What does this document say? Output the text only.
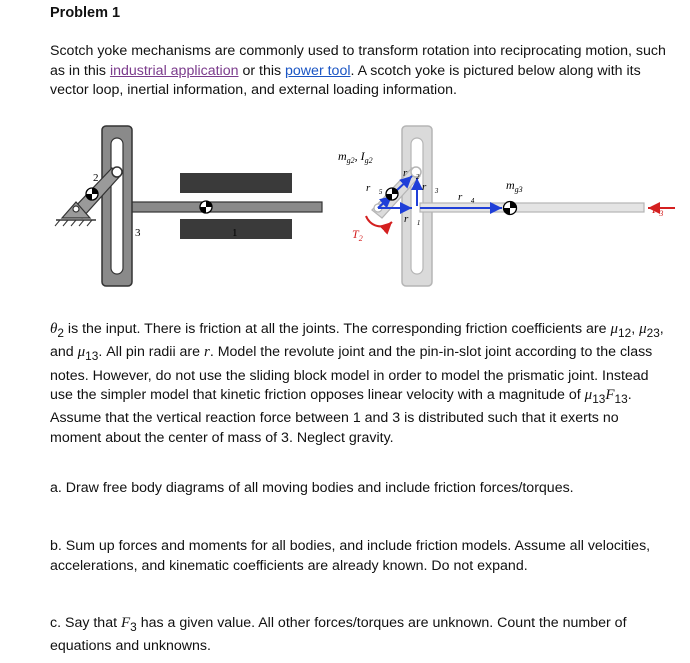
Problem 1
Scotch yoke mechanisms are commonly used to transform rotation into reciprocating motion, such as in this industrial application or this power tool. A scotch yoke is pictured below along with its vector loop, inertial information, and external loading information.
2
3	1
$m_{g2}$, $I_{g2}$
$m_{g3}$
$T_2$
$F_3$
$r⃗_1$
$r⃗_2$
$r⃗_3$ $r⃗_4$
$r⃗_5$
$\theta_2$ is the input. There is friction at all the joints. The corresponding friction coefficients are $\mu_{12}$, $\mu_{23}$, and $\mu_{13}$. All pin radii are r. Model the revolute joint and the pin-in-slot joint according to the class notes. However, do not use the sliding block model in order to model the prismatic joint. Instead use the simpler model that kinetic friction opposes linear velocity with a magnitude of $\mu_{13}F_{13}$. Assume that the vertical reaction force between 1 and 3 is distributed such that it exerts no moment about the center of mass of 3. Neglect gravity.
a. Draw free body diagrams of all moving bodies and include friction forces/torques.
b. Sum up forces and moments for all bodies, and include friction models. Assume all velocities, accelerations, and kinematic coefficients are already known. Do not expand.
c. Say that $F_3$ has a given value. All other forces/torques are unknown. Count the number of equations and unknowns.
